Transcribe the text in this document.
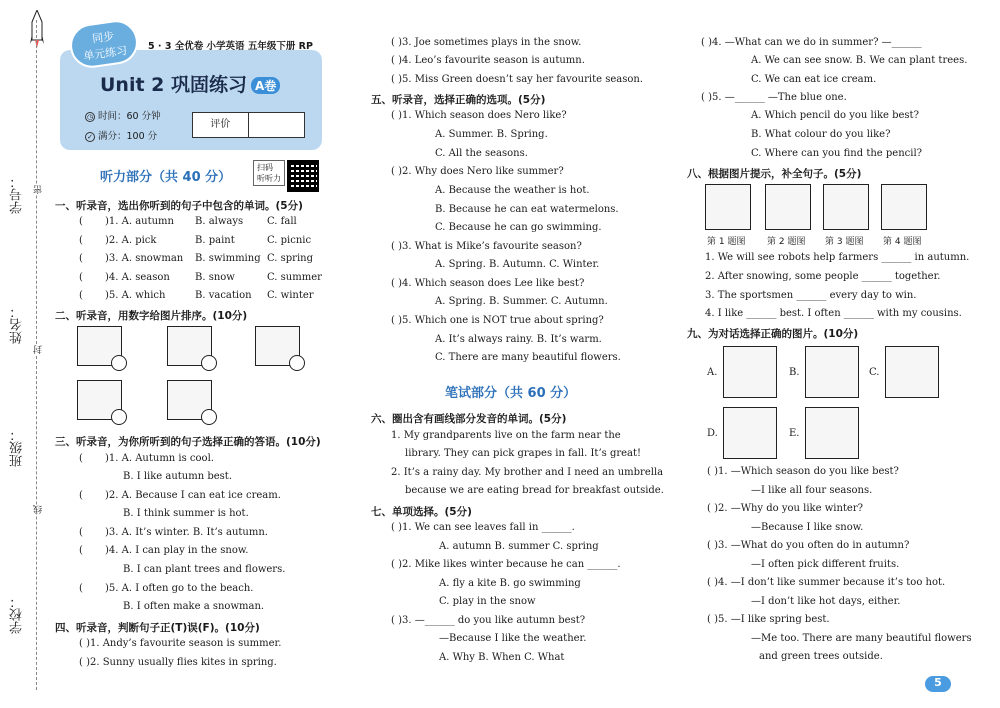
学号： 密
姓名：
封
班级：
线
学校：
同步
单元练习	5 · 3 全优卷 小学英语 五年级下册 RP
Unit 2 巩固练习 A卷
◷ 时间：60 分钟
✓ 满分：100 分
评价
听力部分（共 40 分）
扫码
听听力
一、听录音，选出你听到的句子中包含的单词。(5分)
( )1. A. autumn B. always C. fall
( )2. A. pick	B. paint	C. picnic
( )3. A. snowman B. swimming C. spring
( )4. A. season	B. snow	C. summer
( )5. A. which	B. vacation C. winter
二、听录音，用数字给图片排序。(10分)
三、听录音，为你所听到的句子选择正确的答语。(10分)
( )1. A. Autumn is cool.
B. I like autumn best.
( )2. A. Because I can eat ice cream.
B. I think summer is hot.
( )3. A. It’s winter. B. It’s autumn.
( )4. A. I can play in the snow.
B. I can plant trees and flowers.
( )5. A. I often go to the beach.
B. I often make a snowman.
四、听录音，判断句子正(T)误(F)。(10分)
( )1. Andy’s favourite season is summer.
( )2. Sunny usually flies kites in spring.
( )3. Joe sometimes plays in the snow.
( )4. Leo’s favourite season is autumn.
( )5. Miss Green doesn’t say her favourite season.
五、听录音，选择正确的选项。(5分)
( )1. Which season does Nero like?
A. Summer. B. Spring.
C. All the seasons.
( )2. Why does Nero like summer?
A. Because the weather is hot.
B. Because he can eat watermelons.
C. Because he can go swimming.
( )3. What is Mike’s favourite season?
A. Spring. B. Autumn. C. Winter.
( )4. Which season does Lee like best?
A. Spring. B. Summer. C. Autumn.
( )5. Which one is NOT true about spring?
A. It’s always rainy. B. It’s warm.
C. There are many beautiful flowers.
笔试部分（共 60 分）
六、圈出含有画线部分发音的单词。(5分)
1. My grandparents live on the farm near the
library. They can pick grapes in fall. It’s great!
2. It’s a rainy day. My brother and I need an umbrella
because we are eating bread for breakfast outside.
七、单项选择。(5分)
( )1. We can see leaves fall in ______.
A. autumn B. summer C. spring
( )2. Mike likes winter because he can ______.
A. fly a kite B. go swimming
C. play in the snow
( )3. —______ do you like autumn best?
—Because I like the weather.
A. Why B. When C. What
( )4. —What can we do in summer? —______
A. We can see snow. B. We can plant trees.
C. We can eat ice cream.
( )5. —______ —The blue one.
A. Which pencil do you like best?
B. What colour do you like?
C. Where can you find the pencil?
八、根据图片提示，补全句子。(5分)
第 1 题图 第 2 题图 第 3 题图 第 4 题图
1. We will see robots help farmers ______ in autumn.
2. After snowing, some people ______ together.
3. The sportsmen ______ every day to win.
4. I like ______ best. I often ______ with my cousins.
九、为对话选择正确的图片。(10分)
A.	B.	C.
D.	E.
( )1. —Which season do you like best?
—I like all four seasons.
( )2. —Why do you like winter?
—Because I like snow.
( )3. —What do you often do in autumn?
—I often pick different fruits.
( )4. —I don’t like summer because it’s too hot.
—I don’t like hot days, either.
( )5. —I like spring best.
—Me too. There are many beautiful flowers
and green trees outside.
5
